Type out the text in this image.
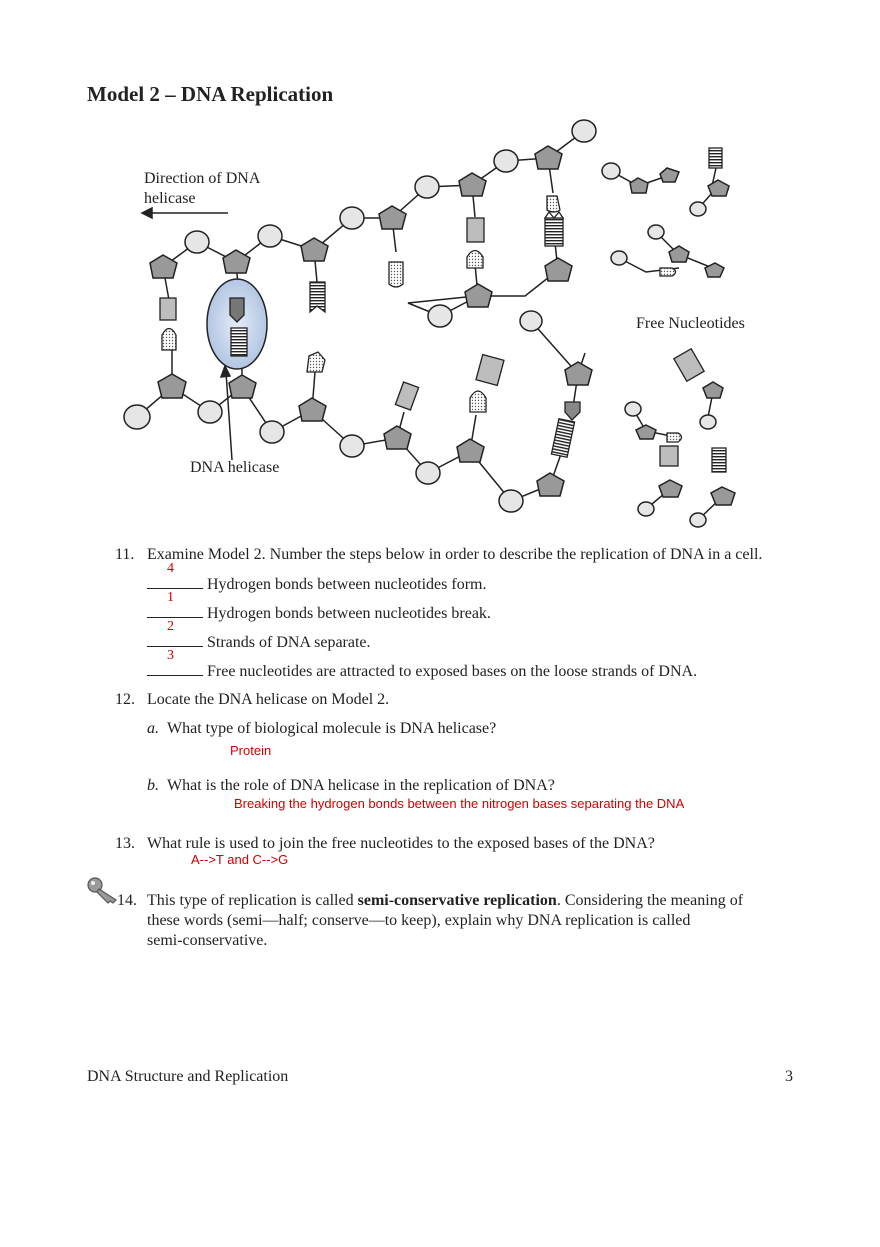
Model 2 – DNA Replication
Direction of DNA
helicase
Free Nucleotides
DNA helicase
11. Examine Model 2. Number the steps below in order to describe the replication of DNA in a cell.
4
Hydrogen bonds between nucleotides form.
1
Hydrogen bonds between nucleotides break.
2
Strands of DNA separate.
3
Free nucleotides are attracted to exposed bases on the loose strands of DNA.
12. Locate the DNA helicase on Model 2.
a. What type of biological molecule is DNA helicase?
Protein
b. What is the role of DNA helicase in the replication of DNA?
Breaking the hydrogen bonds between the nitrogen bases separating the DNA
13. What rule is used to join the free nucleotides to the exposed bases of the DNA?
A-->T and C-->G
14. This type of replication is called semi-conservative replication. Considering the meaning of
these words (semi—half; conserve—to keep), explain why DNA replication is called
semi-conservative.
DNA Structure and Replication	3
